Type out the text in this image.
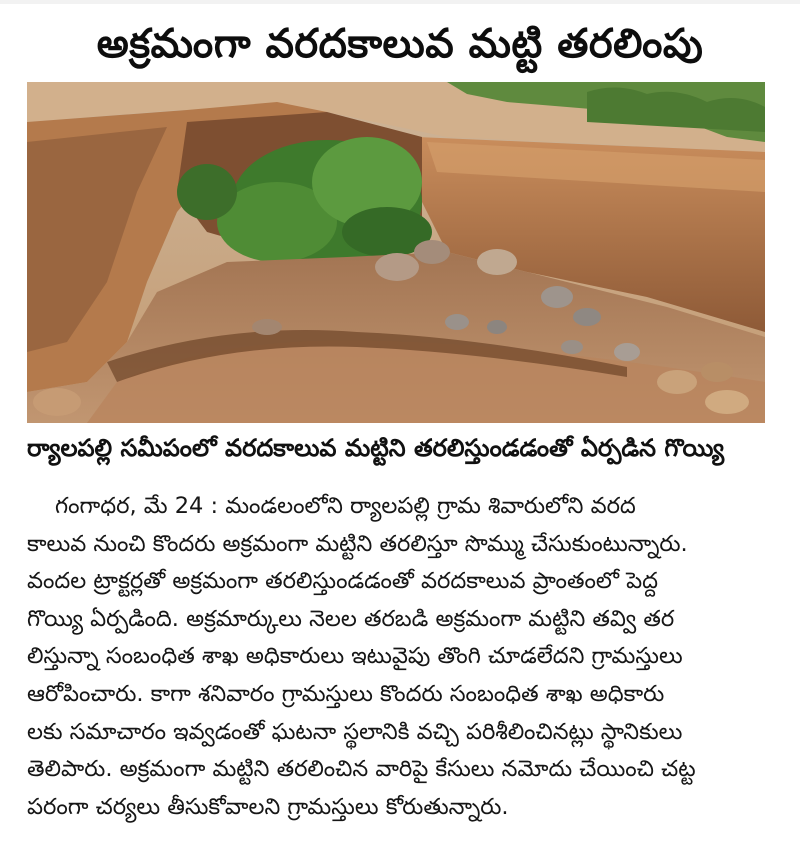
అక్రమంగా వరదకాలువ మట్టి తరలింపు
ర్యాలపల్లి సమీపంలో వరదకాలువ మట్టిని తరలిస్తుండడంతో ఏర్పడిన గొయ్యి
గంగాధర, మే 24 : మండలంలోని ర్యాలపల్లి గ్రామ శివారులోని వరద
కాలువ నుంచి కొందరు అక్రమంగా మట్టిని తరలిస్తూ సొమ్ము చేసుకుంటున్నారు.
వందల ట్రాక్టర్లతో అక్రమంగా తరలిస్తుండడంతో వరదకాలువ ప్రాంతంలో పెద్ద
గొయ్యి ఏర్పడింది. అక్రమార్కులు నెలల తరబడి అక్రమంగా మట్టిని తవ్వి తర
లిస్తున్నా సంబంధిత శాఖ అధికారులు ఇటువైపు తొంగి చూడలేదని గ్రామస్తులు
ఆరోపించారు. కాగా శనివారం గ్రామస్తులు కొందరు సంబంధిత శాఖ అధికారు
లకు సమాచారం ఇవ్వడంతో ఘటనా స్థలానికి వచ్చి పరిశీలించినట్లు స్థానికులు
తెలిపారు. అక్రమంగా మట్టిని తరలించిన వారిపై కేసులు నమోదు చేయించి చట్ట
పరంగా చర్యలు తీసుకోవాలని గ్రామస్తులు కోరుతున్నారు.
